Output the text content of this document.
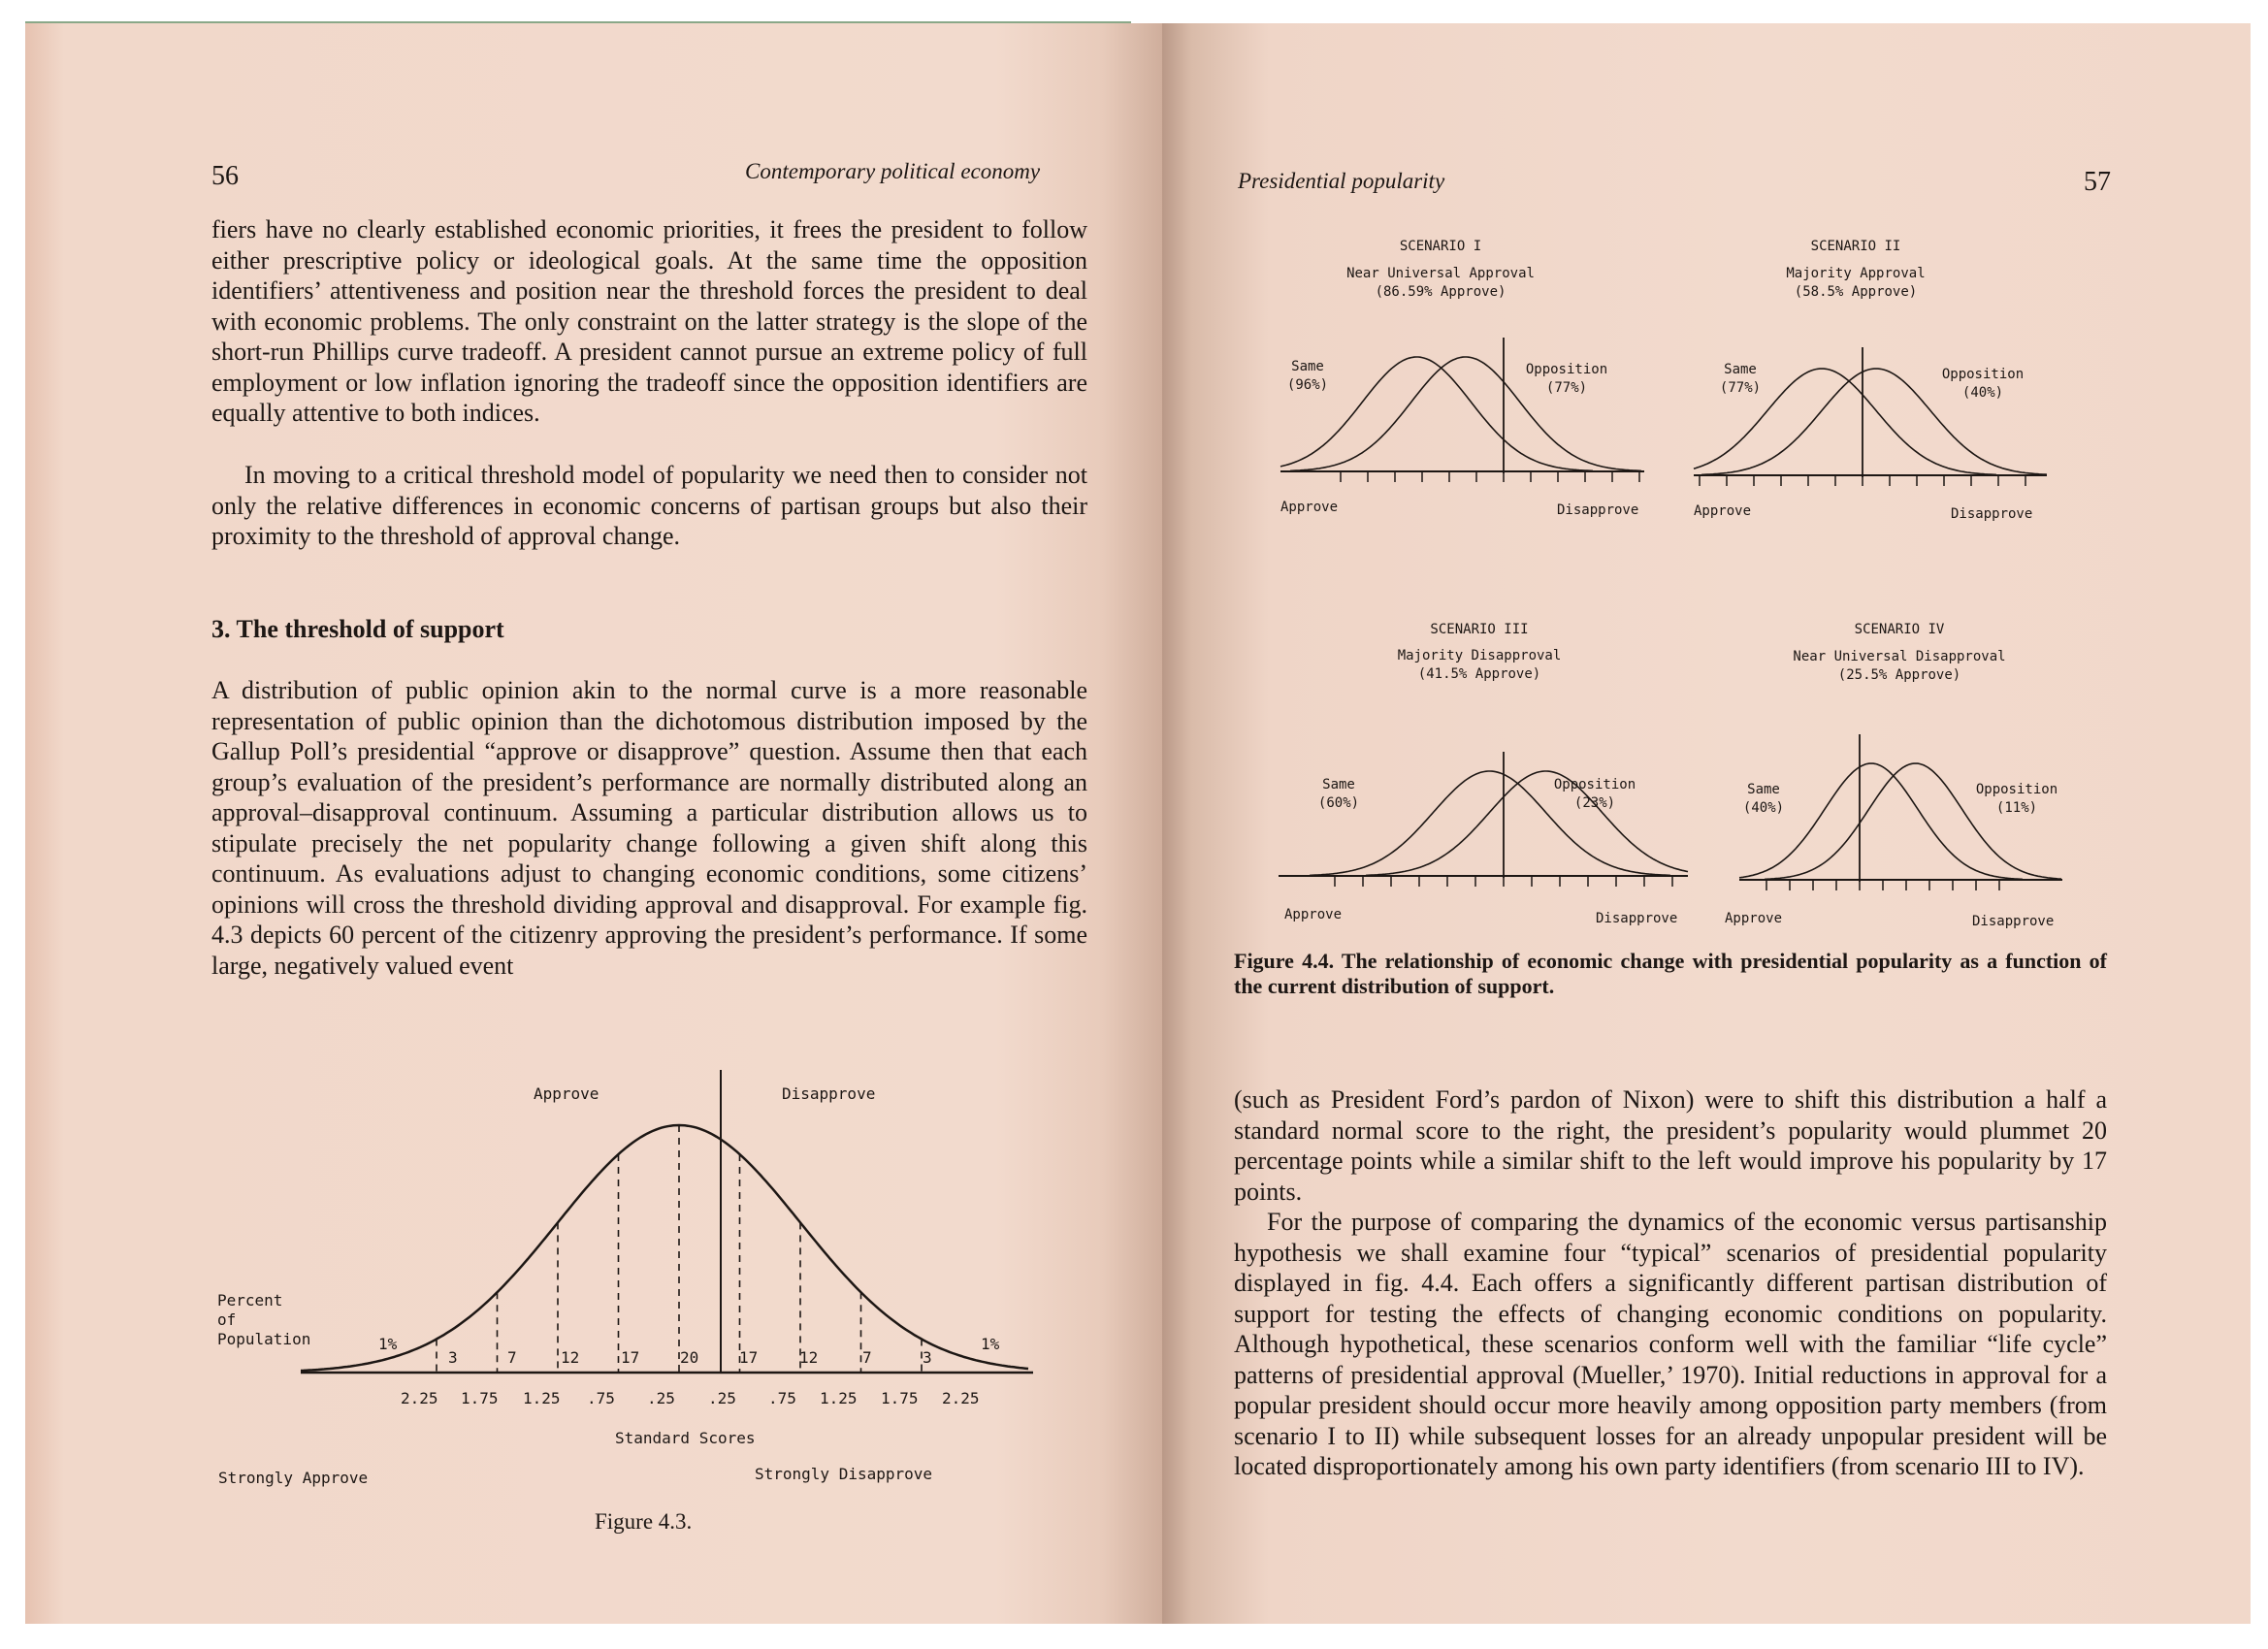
56	Contemporary political economy

fiers have no clearly established economic priorities, it frees the president to follow either prescriptive policy or ideological goals. At the same time the opposition identifiers’ attentiveness and position near the threshold forces the president to deal with economic problems. The only constraint on the latter strategy is the slope of the short-run Phillips curve tradeoff. A president cannot pursue an extreme policy of full employment or low inflation ignoring the tradeoff since the opposition identifiers are equally attentive to both indices.

In moving to a critical threshold model of popularity we need then to consider not only the relative differences in economic concerns of partisan groups but also their proximity to the threshold of approval change.

3. The threshold of support

A distribution of public opinion akin to the normal curve is a more reasonable representation of public opinion than the dichotomous distribution imposed by the Gallup Poll’s presidential “approve or disapprove” question. Assume then that each group’s evaluation of the president’s performance are normally distributed along an approval–disapproval continuum. Assuming a particular distribution allows us to stipulate precisely the net popularity change following a given shift along this continuum. As evaluations adjust to changing economic conditions, some citizens’ opinions will cross the threshold dividing approval and disapproval. For example fig. 4.3 depicts 60 percent of the citizenry approving the president’s performance. If some large, negatively valued event

Approve	Disapprove
Percent
of
Population	1%
3	7	12	17	20	17	12	7	3
1%
2.25 1.75 1.25 .75 .25 .25 .75 1.25 1.75 2.25
Standard Scores
Strongly Approve	Strongly Disapprove
Figure 4.3.
Presidential popularity	57
SCENARIO I
Near Universal Approval
(86.59% Approve)
Same
(96%)
Opposition
(77%)
Approve	Disapprove
SCENARIO II
Majority Approval
(58.5% Approve)
Same
(77%)
Opposition
(40%)
Approve	Disapprove
SCENARIO III
Majority Disapproval
(41.5% Approve)
Same
(60%)
Opposition
(23%)
Approve	Disapprove
SCENARIO IV
Near Universal Disapproval
(25.5% Approve)
Same
(40%)
Opposition
(11%)
Approve	Disapprove
Figure 4.4. The relationship of economic change with presidential popularity as a function of the current distribution of support.

(such as President Ford’s pardon of Nixon) were to shift this distribution a half a standard normal score to the right, the president’s popularity would plummet 20 percentage points while a similar shift to the left would improve his popularity by 17 points.

For the purpose of comparing the dynamics of the economic versus partisanship hypothesis we shall examine four “typical” scenarios of presidential popularity displayed in fig. 4.4. Each offers a significantly different partisan distribution of support for testing the effects of changing economic conditions on popularity. Although hypothetical, these scenarios conform well with the familiar “life cycle” patterns of presidential approval (Mueller,’ 1970). Initial reductions in approval for a popular president should occur more heavily among opposition party members (from scenario I to II) while subsequent losses for an already unpopular president will be located disproportionately among his own party identifiers (from scenario III to IV).
